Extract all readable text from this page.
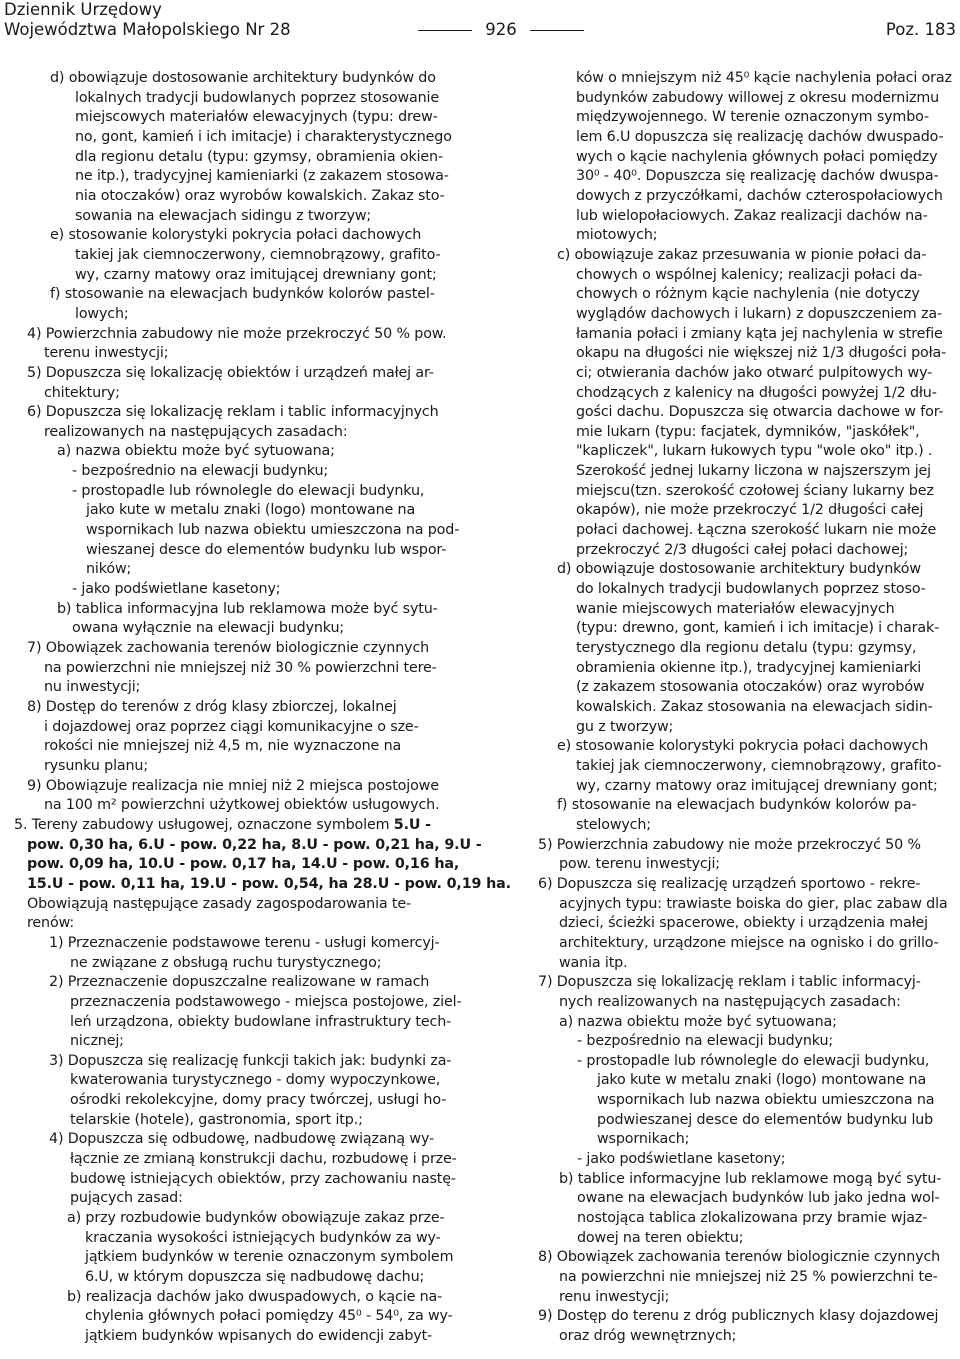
Dziennik Urzędowy
Województwa Małopolskiego Nr 28	926	Poz. 183
d) obowiązuje dostosowanie architektury budynków do
lokalnych tradycji budowlanych poprzez stosowanie
miejscowych materiałów elewacyjnych (typu: drew-
no, gont, kamień i ich imitacje) i charakterystycznego
dla regionu detalu (typu: gzymsy, obramienia okien-
ne itp.), tradycyjnej kamieniarki (z zakazem stosowa-
nia otoczaków) oraz wyrobów kowalskich. Zakaz sto-
sowania na elewacjach sidingu z tworzyw;
e) stosowanie kolorystyki pokrycia połaci dachowych
takiej jak ciemnoczerwony, ciemnobrązowy, grafito-
wy, czarny matowy oraz imitującej drewniany gont;
f) stosowanie na elewacjach budynków kolorów pastel-
lowych;
4) Powierzchnia zabudowy nie może przekroczyć 50 % pow.
terenu inwestycji;
5) Dopuszcza się lokalizację obiektów i urządzeń małej ar-
chitektury;
6) Dopuszcza się lokalizację reklam i tablic informacyjnych
realizowanych na następujących zasadach:
a) nazwa obiektu może być sytuowana;
- bezpośrednio na elewacji budynku;
- prostopadle lub równolegle do elewacji budynku,
jako kute w metalu znaki (logo) montowane na
wspornikach lub nazwa obiektu umieszczona na pod-
wieszanej desce do elementów budynku lub wspor-
ników;
- jako podświetlane kasetony;
b) tablica informacyjna lub reklamowa może być sytu-
owana wyłącznie na elewacji budynku;
7) Obowiązek zachowania terenów biologicznie czynnych
na powierzchni nie mniejszej niż 30 % powierzchni tere-
nu inwestycji;
8) Dostęp do terenów z dróg klasy zbiorczej, lokalnej
i dojazdowej oraz poprzez ciągi komunikacyjne o sze-
rokości nie mniejszej niż 4,5 m, nie wyznaczone na
rysunku planu;
9) Obowiązuje realizacja nie mniej niż 2 miejsca postojowe
na 100 m² powierzchni użytkowej obiektów usługowych.
5. Tereny zabudowy usługowej, oznaczone symbolem 5.U -
pow. 0,30 ha, 6.U - pow. 0,22 ha, 8.U - pow. 0,21 ha, 9.U -
pow. 0,09 ha, 10.U - pow. 0,17 ha, 14.U - pow. 0,16 ha,
15.U - pow. 0,11 ha, 19.U - pow. 0,54, ha 28.U - pow. 0,19 ha.
Obowiązują następujące zasady zagospodarowania te-
renów:
1) Przeznaczenie podstawowe terenu - usługi komercyj-
ne związane z obsługą ruchu turystycznego;
2) Przeznaczenie dopuszczalne realizowane w ramach
przeznaczenia podstawowego - miejsca postojowe, ziel-
leń urządzona, obiekty budowlane infrastruktury tech-
nicznej;
3) Dopuszcza się realizację funkcji takich jak: budynki za-
kwaterowania turystycznego - domy wypoczynkowe,
ośrodki rekolekcyjne, domy pracy twórczej, usługi ho-
telarskie (hotele), gastronomia, sport itp.;
4) Dopuszcza się odbudowę, nadbudowę związaną wy-
łącznie ze zmianą konstrukcji dachu, rozbudowę i prze-
budowę istniejących obiektów, przy zachowaniu nastę-
pujących zasad:
a) przy rozbudowie budynków obowiązuje zakaz prze-
kraczania wysokości istniejących budynków za wy-
jątkiem budynków w terenie oznaczonym symbolem
6.U, w którym dopuszcza się nadbudowę dachu;
b) realizacja dachów jako dwuspadowych, o kącie na-
chylenia głównych połaci pomiędzy 45⁰ - 54⁰, za wy-
jątkiem budynków wpisanych do ewidencji zabyt-
ków o mniejszym niż 45⁰ kącie nachylenia połaci oraz
budynków zabudowy willowej z okresu modernizmu
międzywojennego. W terenie oznaczonym symbo-
lem 6.U dopuszcza się realizację dachów dwuspado-
wych o kącie nachylenia głównych połaci pomiędzy
30⁰ - 40⁰. Dopuszcza się realizację dachów dwuspa-
dowych z przyczółkami, dachów czterospołaciowych
lub wielopołaciowych. Zakaz realizacji dachów na-
miotowych;
c) obowiązuje zakaz przesuwania w pionie połaci da-
chowych o wspólnej kalenicy; realizacji połaci da-
chowych o różnym kącie nachylenia (nie dotyczy
wyglądów dachowych i lukarn) z dopuszczeniem za-
łamania połaci i zmiany kąta jej nachylenia w strefie
okapu na długości nie większej niż 1/3 długości poła-
ci; otwierania dachów jako otwarć pulpitowych wy-
chodzących z kalenicy na długości powyżej 1/2 dłu-
gości dachu. Dopuszcza się otwarcia dachowe w for-
mie lukarn (typu: facjatek, dymników, "jaskółek",
"kapliczek", lukarn łukowych typu "wole oko" itp.) .
Szerokość jednej lukarny liczona w najszerszym jej
miejscu(tzn. szerokość czołowej ściany lukarny bez
okapów), nie może przekroczyć 1/2 długości całej
połaci dachowej. Łączna szerokość lukarn nie może
przekroczyć 2/3 długości całej połaci dachowej;
d) obowiązuje dostosowanie architektury budynków
do lokalnych tradycji budowlanych poprzez stoso-
wanie miejscowych materiałów elewacyjnych
(typu: drewno, gont, kamień i ich imitacje) i charak-
terystycznego dla regionu detalu (typu: gzymsy,
obramienia okienne itp.), tradycyjnej kamieniarki
(z zakazem stosowania otoczaków) oraz wyrobów
kowalskich. Zakaz stosowania na elewacjach sidin-
gu z tworzyw;
e) stosowanie kolorystyki pokrycia połaci dachowych
takiej jak ciemnoczerwony, ciemnobrązowy, grafito-
wy, czarny matowy oraz imitującej drewniany gont;
f) stosowanie na elewacjach budynków kolorów pa-
stelowych;
5) Powierzchnia zabudowy nie może przekroczyć 50 %
pow. terenu inwestycji;
6) Dopuszcza się realizację urządzeń sportowo - rekre-
acyjnych typu: trawiaste boiska do gier, plac zabaw dla
dzieci, ścieżki spacerowe, obiekty i urządzenia małej
architektury, urządzone miejsce na ognisko i do grillo-
wania itp.
7) Dopuszcza się lokalizację reklam i tablic informacyj-
nych realizowanych na następujących zasadach:
a) nazwa obiektu może być sytuowana;
- bezpośrednio na elewacji budynku;
- prostopadle lub równolegle do elewacji budynku,
jako kute w metalu znaki (logo) montowane na
wspornikach lub nazwa obiektu umieszczona na
podwieszanej desce do elementów budynku lub
wspornikach;
- jako podświetlane kasetony;
b) tablice informacyjne lub reklamowe mogą być sytu-
owane na elewacjach budynków lub jako jedna wol-
nostojąca tablica zlokalizowana przy bramie wjaz-
dowej na teren obiektu;
8) Obowiązek zachowania terenów biologicznie czynnych
na powierzchni nie mniejszej niż 25 % powierzchni te-
renu inwestycji;
9) Dostęp do terenu z dróg publicznych klasy dojazdowej
oraz dróg wewnętrznych;
